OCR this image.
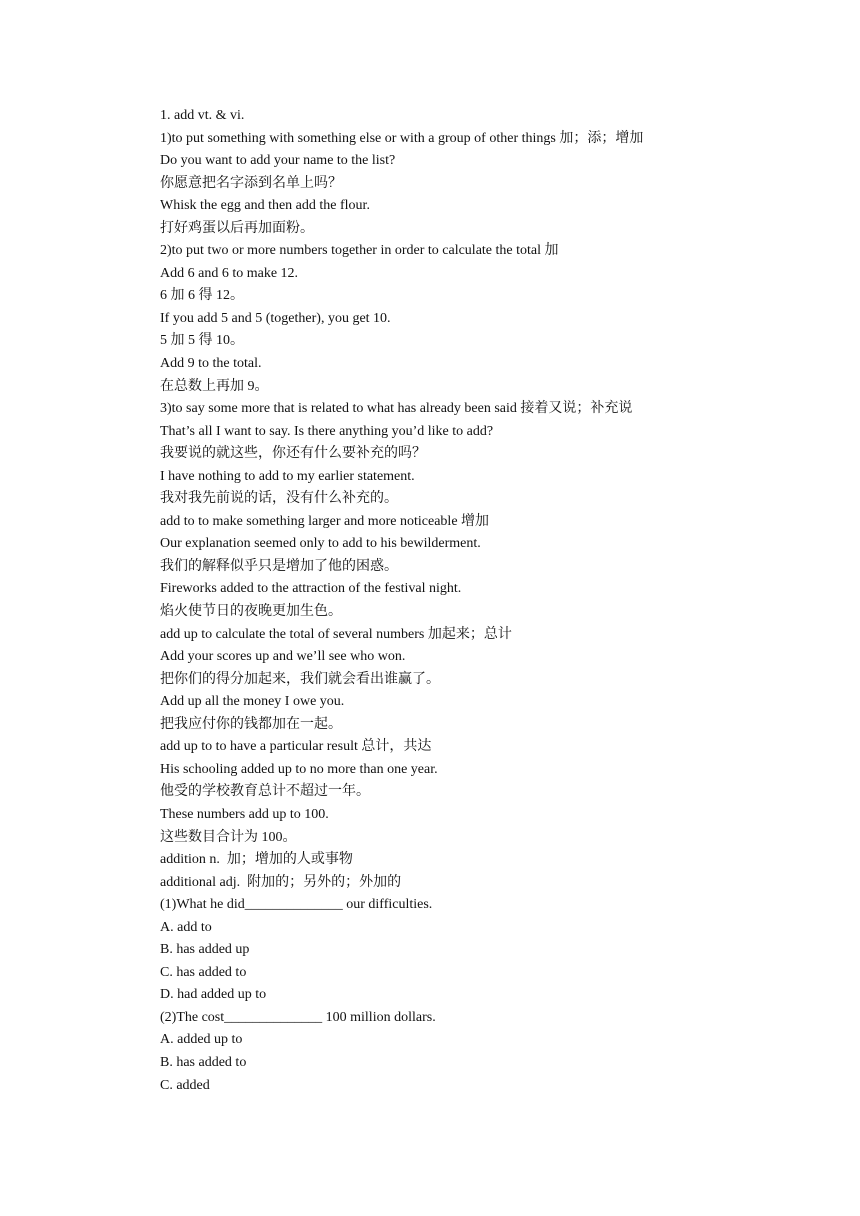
1. add vt. & vi.
1)to put something with something else or with a group of other things 加；添；增加
Do you want to add your name to the list?
你愿意把名字添到名单上吗？
Whisk the egg and then add the flour.
打好鸡蛋以后再加面粉。
2)to put two or more numbers together in order to calculate the total 加
Add 6 and 6 to make 12.
6 加 6 得 12。
If you add 5 and 5 (together), you get 10.
5 加 5 得 10。
Add 9 to the total.
在总数上再加 9。
3)to say some more that is related to what has already been said 接着又说；补充说
That’s all I want to say. Is there anything you’d like to add?
我要说的就这些，你还有什么要补充的吗？
I have nothing to add to my earlier statement.
我对我先前说的话，没有什么补充的。
add to to make something larger and more noticeable 增加
Our explanation seemed only to add to his bewilderment.
我们的解释似乎只是增加了他的困惑。
Fireworks added to the attraction of the festival night.
焰火使节日的夜晚更加生色。
add up to calculate the total of several numbers 加起来；总计
Add your scores up and we’ll see who won.
把你们的得分加起来，我们就会看出谁赢了。
Add up all the money I owe you.
把我应付你的钱都加在一起。
add up to to have a particular result 总计，共达
His schooling added up to no more than one year.
他受的学校教育总计不超过一年。
These numbers add up to 100.
这些数目合计为 100。
addition n.  加；增加的人或事物
additional adj.  附加的；另外的；外加的
(1)What he did______________ our difficulties.
A. add to
B. has added up
C. has added to
D. had added up to
(2)The cost______________ 100 million dollars.
A. added up to
B. has added to
C. added
